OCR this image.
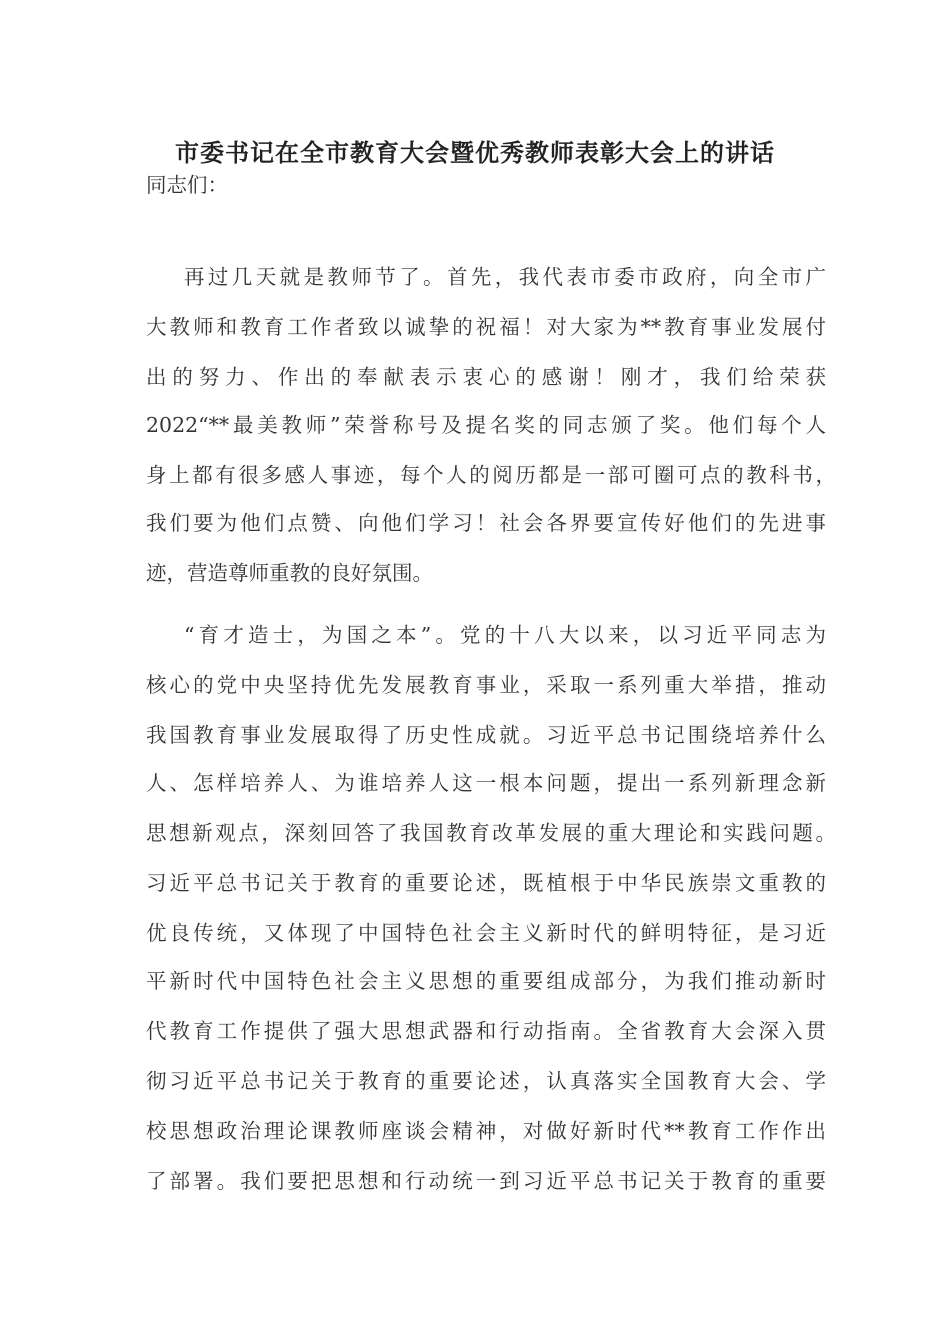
市委书记在全市教育大会暨优秀教师表彰大会上的讲话
同志们：
再过几天就是教师节了。首先，我代表市委市政府，向全市广
大教师和教育工作者致以诚挚的祝福！对大家为**教育事业发展付
出的努力、作出的奉献表示衷心的感谢！刚才，我们给荣获
2022“**最美教师”荣誉称号及提名奖的同志颁了奖。他们每个人
身上都有很多感人事迹，每个人的阅历都是一部可圈可点的教科书，
我们要为他们点赞、向他们学习！社会各界要宣传好他们的先进事
迹，营造尊师重教的良好氛围。
“育才造士，为国之本”。党的十八大以来，以习近平同志为
核心的党中央坚持优先发展教育事业，采取一系列重大举措，推动
我国教育事业发展取得了历史性成就。习近平总书记围绕培养什么
人、怎样培养人、为谁培养人这一根本问题，提出一系列新理念新
思想新观点，深刻回答了我国教育改革发展的重大理论和实践问题。
习近平总书记关于教育的重要论述，既植根于中华民族崇文重教的
优良传统，又体现了中国特色社会主义新时代的鲜明特征，是习近
平新时代中国特色社会主义思想的重要组成部分，为我们推动新时
代教育工作提供了强大思想武器和行动指南。全省教育大会深入贯
彻习近平总书记关于教育的重要论述，认真落实全国教育大会、学
校思想政治理论课教师座谈会精神，对做好新时代**教育工作作出
了部署。我们要把思想和行动统一到习近平总书记关于教育的重要
